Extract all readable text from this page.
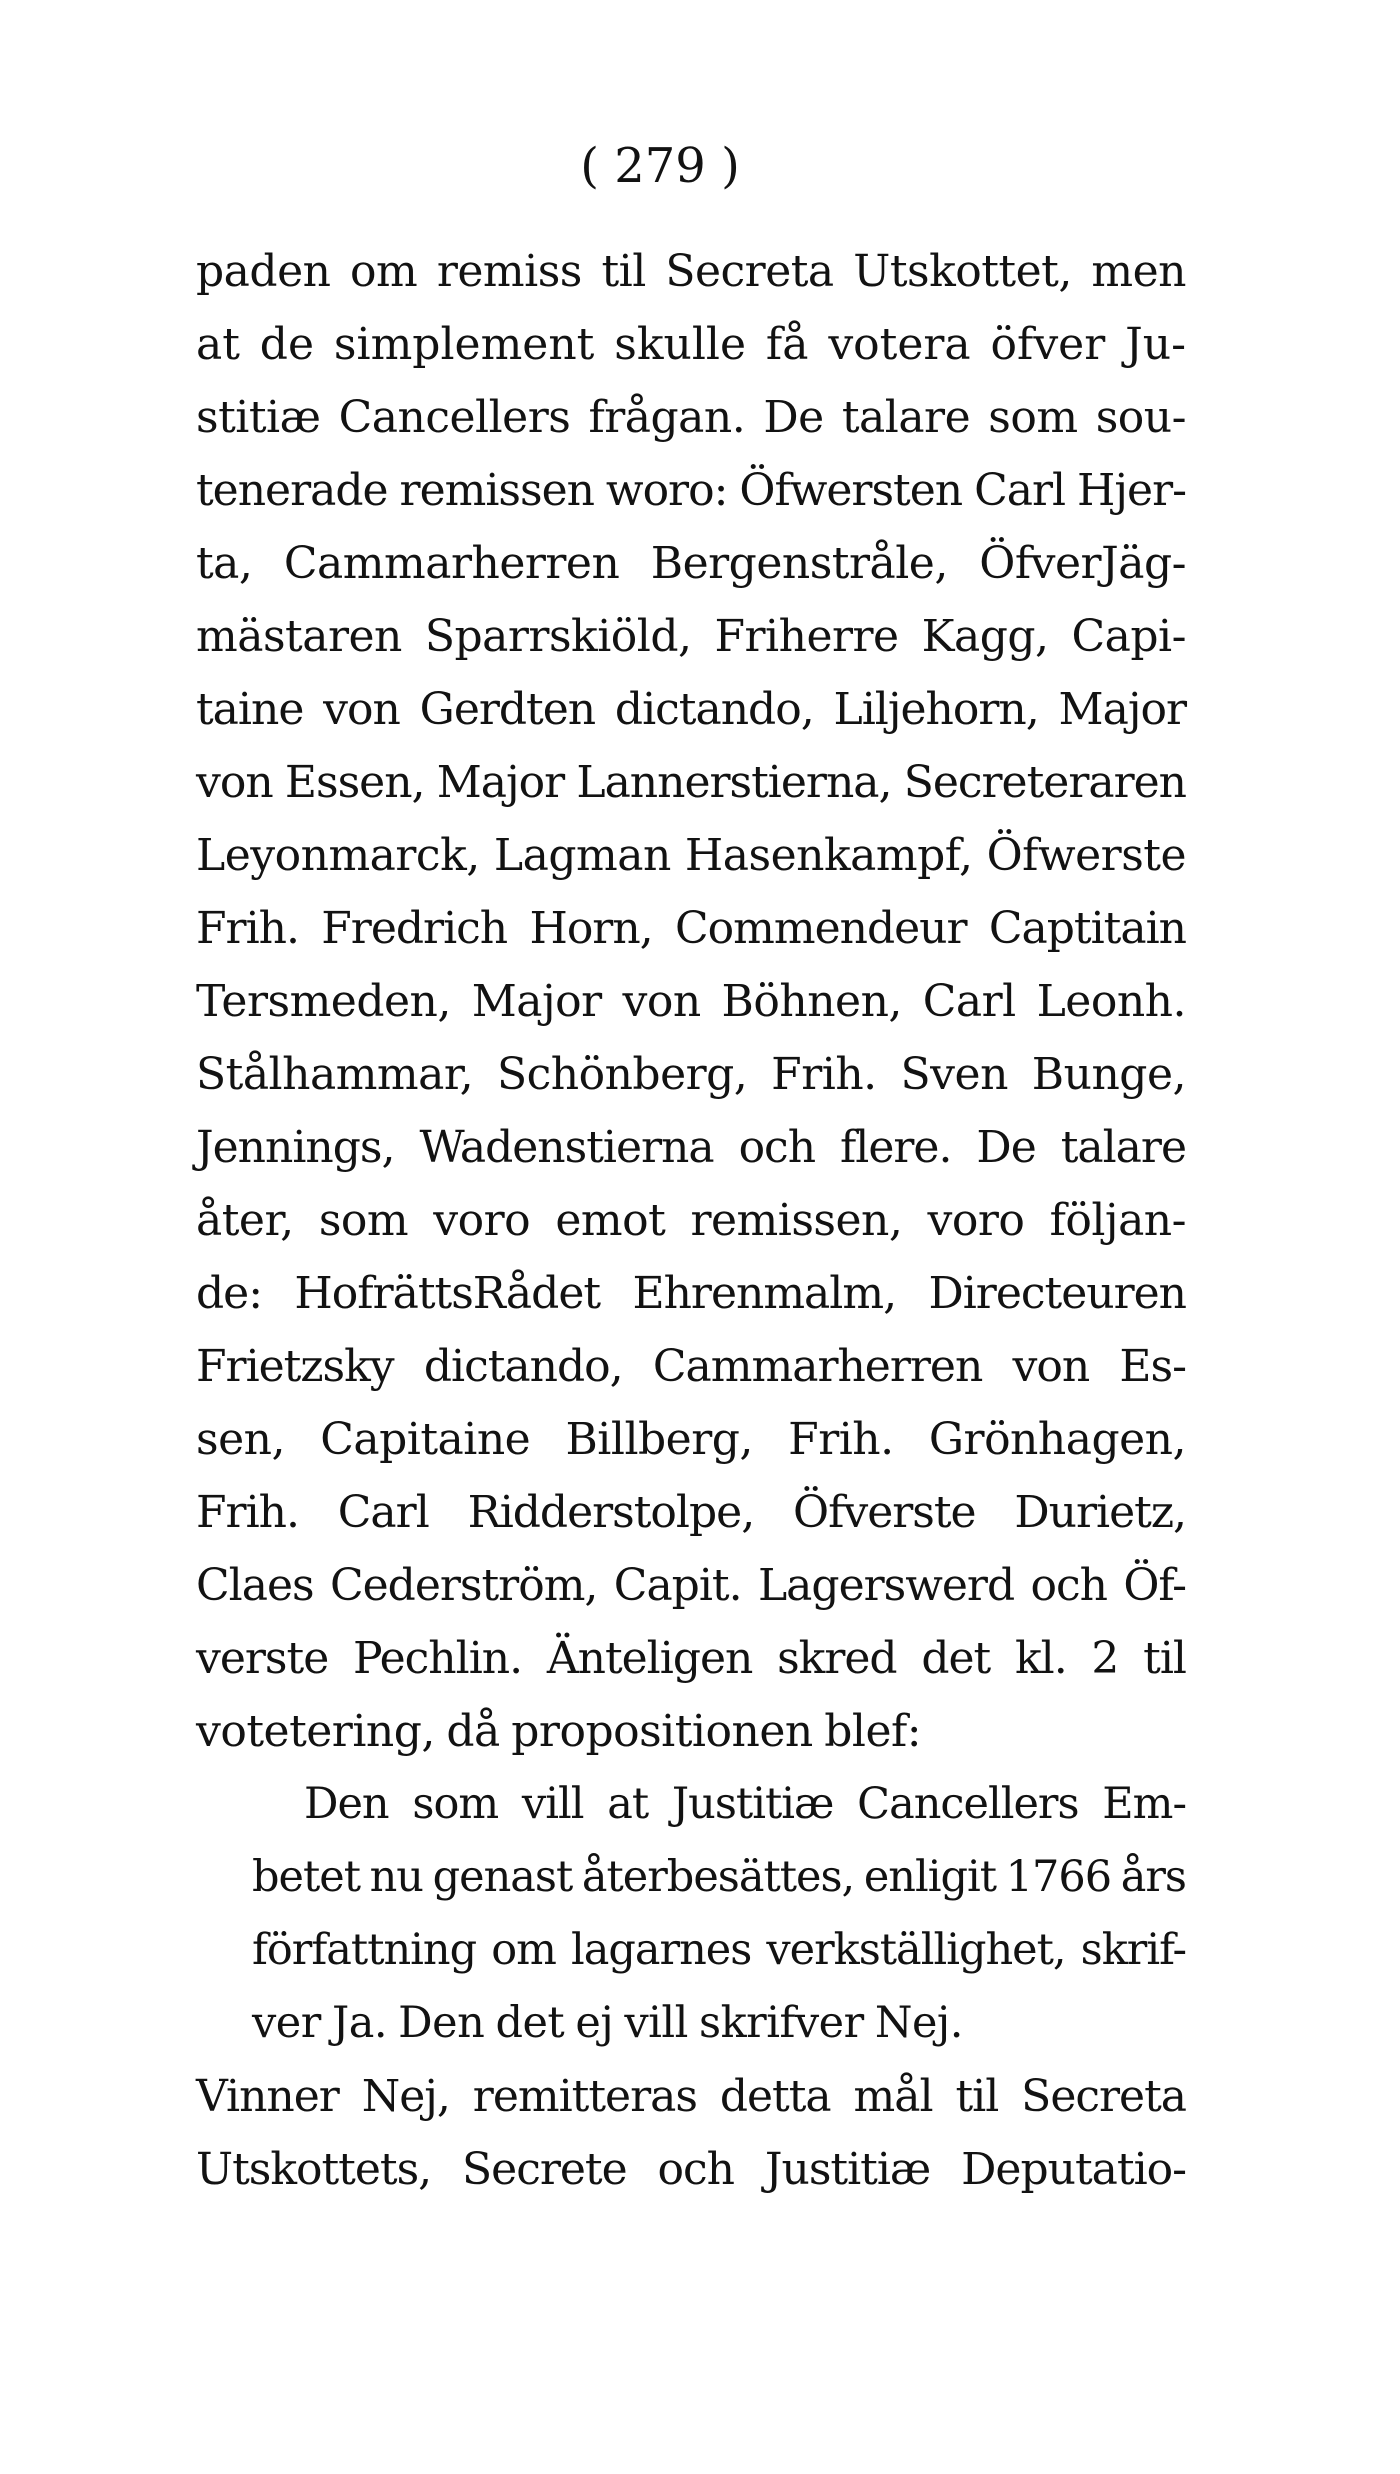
( 279 )
paden om remiss til Secreta Utskottet, men
at de simplement skulle få votera öfver Ju-
stitiæ Cancellers frågan. De talare som sou-
tenerade remissen woro: Öfwersten Carl Hjer-
ta, Cammarherren Bergenstråle, ÖfverJäg-
mästaren Sparrskiöld, Friherre Kagg, Capi-
taine von Gerdten dictando, Liljehorn, Major
von Essen, Major Lannerstierna, Secreteraren
Leyonmarck, Lagman Hasenkampf, Öfwerste
Frih. Fredrich Horn, Commendeur Captitain
Tersmeden, Major von Böhnen, Carl Leonh.
Stålhammar, Schönberg, Frih. Sven Bunge,
Jennings, Wadenstierna och flere. De talare
åter, som voro emot remissen, voro följan-
de: HofrättsRådet Ehrenmalm, Directeuren
Frietzsky dictando, Cammarherren von Es-
sen, Capitaine Billberg, Frih. Grönhagen,
Frih. Carl Ridderstolpe, Öfverste Durietz,
Claes Cederström, Capit. Lagerswerd och Öf-
verste Pechlin. Änteligen skred det kl. 2 til
votetering, då propositionen blef:
Den som vill at Justitiæ Cancellers Em-
betet nu genast återbesättes, enligit 1766 års
författning om lagarnes verkställighet, skrif-
ver Ja. Den det ej vill skrifver Nej.
Vinner Nej, remitteras detta mål til Secreta
Utskottets, Secrete och Justitiæ Deputatio-
